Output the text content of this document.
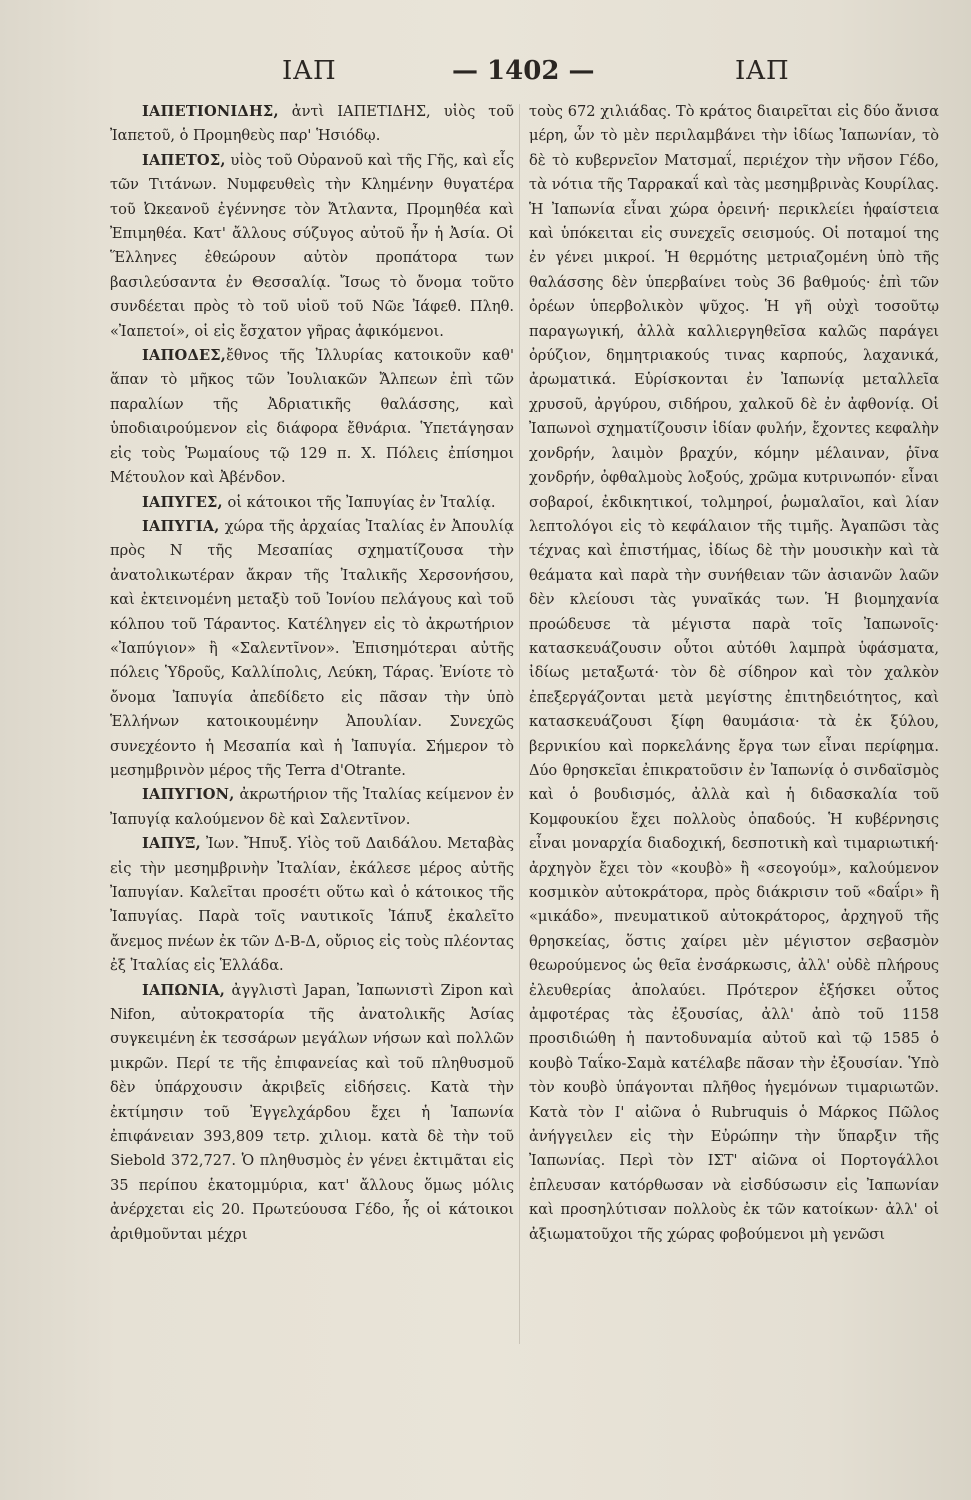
ΙΑΠ	— 1402 —	ΙΑΠ

ΙΑΠΕΤΙΟΝΙΔΗΣ, ἀντὶ ΙΑΠΕΤΙΔΗΣ, υἱὸς τοῦ Ἰαπετοῦ, ὁ Προμηθεὺς παρ' Ἡσιόδῳ.

ΙΑΠΕΤΟΣ, υἱὸς τοῦ Οὐρανοῦ καὶ τῆς Γῆς, καὶ εἷς τῶν Τιτάνων. Νυμφευθεὶς τὴν Κλημένην θυγατέρα τοῦ Ὠκεανοῦ ἐγέννησε τὸν Ἄτλαντα, Προμηθέα καὶ Ἐπιμηθέα. Κατ' ἄλλους σύζυγος αὐτοῦ ἦν ἡ Ἀσία. Οἱ Ἕλληνες ἐθεώρουν αὐτὸν προπάτορα των βασιλεύσαντα ἐν Θεσσαλίᾳ. Ἴσως τὸ ὄνομα τοῦτο συνδέεται πρὸς τὸ τοῦ υἱοῦ τοῦ Νῶε Ἰάφεθ. Πληθ. «Ἰαπετοί», οἱ εἰς ἔσχατον γῆρας ἀφικόμενοι.

ΙΑΠΟΔΕΣ,ἔθνος τῆς Ἰλλυρίας κατοικοῦν καθ' ἅπαν τὸ μῆκος τῶν Ἰουλιακῶν Ἄλπεων ἐπὶ τῶν παραλίων τῆς Ἀδριατικῆς θαλάσσης, καὶ ὑποδιαιρούμενον εἰς διάφορα ἔθνάρια. Ὑπετάγησαν εἰς τοὺς Ῥωμαίους τῷ 129 π. Χ. Πόλεις ἐπίσημοι Μέτουλον καὶ Ἀβένδον.

ΙΑΠΥΓΕΣ, οἱ κάτοικοι τῆς Ἰαπυγίας ἐν Ἰταλίᾳ.

ΙΑΠΥΓΙΑ, χώρα τῆς ἀρχαίας Ἰταλίας ἐν Ἀπουλίᾳ πρὸς Ν τῆς Μεσαπίας σχηματίζουσα τὴν ἀνατολικωτέραν ἄκραν τῆς Ἰταλικῆς Χερσονήσου, καὶ ἐκτεινομένη μεταξὺ τοῦ Ἰονίου πελάγους καὶ τοῦ κόλπου τοῦ Τάραντος. Κατέληγεν εἰς τὸ ἀκρωτήριον «Ἰαπύγιον» ἢ «Σαλεντῖνον». Ἐπισημότεραι αὐτῆς πόλεις Ὑδροῦς, Καλλίπολις, Λεύκη, Τάρας. Ἐνίοτε τὸ ὄνομα Ἰαπυγία ἀπεδίδετο εἰς πᾶσαν τὴν ὑπὸ Ἑλλήνων κατοικουμένην Ἀπουλίαν. Συνεχῶς συνεχέοντο ἡ Μεσαπία καὶ ἡ Ἰαπυγία. Σήμερον τὸ μεσημβρινὸν μέρος τῆς Terra d'Otrante.

ΙΑΠΥΓΙΟΝ, ἀκρωτήριον τῆς Ἰταλίας κείμενον ἐν Ἰαπυγίᾳ καλούμενον δὲ καὶ Σαλεντῖνον.

ΙΑΠΥΞ, Ἰων. Ἤπυξ. Υἱὸς τοῦ Δαιδάλου. Μεταβὰς εἰς τὴν μεσημβρινὴν Ἰταλίαν, ἐκάλεσε μέρος αὐτῆς Ἰαπυγίαν. Καλεῖται προσέτι οὕτω καὶ ὁ κάτοικος τῆς Ἰαπυγίας. Παρὰ τοῖς ναυτικοῖς Ἰάπυξ ἐκαλεῖτο ἄνεμος πνέων ἐκ τῶν Δ-Β-Δ, οὔριος εἰς τοὺς πλέοντας ἐξ Ἰταλίας εἰς Ἑλλάδα.

ΙΑΠΩΝΙΑ, ἀγγλιστὶ Japan, Ἰαπωνιστὶ Zipon καὶ Nifon, αὐτοκρατορία τῆς ἀνατολικῆς Ἀσίας συγκειμένη ἐκ τεσσάρων μεγάλων νήσων καὶ πολλῶν μικρῶν. Περί τε τῆς ἐπιφανείας καὶ τοῦ πληθυσμοῦ δὲν ὑπάρχουσιν ἀκριβεῖς εἰδήσεις. Κατὰ τὴν ἐκτίμησιν τοῦ Ἐγγελχάρδου ἔχει ἡ Ἰαπωνία ἐπιφάνειαν 393,809 τετρ. χιλιομ. κατὰ δὲ τὴν τοῦ Siebold 372,727. Ὁ πληθυσμὸς ἐν γένει ἐκτιμᾶται εἰς 35 περίπου ἑκατομμύρια, κατ' ἄλλους ὅμως μόλις ἀνέρχεται εἰς 20. Πρωτεύουσα Γέδο, ἧς οἱ κάτοικοι ἀριθμοῦνται μέχρι

τοὺς 672 χιλιάδας. Τὸ κράτος διαιρεῖται εἰς δύο ἄνισα μέρη, ὧν τὸ μὲν περιλαμβάνει τὴν ἰδίως Ἰαπωνίαν, τὸ δὲ τὸ κυβερνεῖον Ματσμαΐ, περιέχον τὴν νῆσον Γέδο, τὰ νότια τῆς Ταρρακαΐ καὶ τὰς μεσημβρινὰς Κουρίλας. Ἡ Ἰαπωνία εἶναι χώρα ὀρεινή· περικλείει ἡφαίστεια καὶ ὑπόκειται εἰς συνεχεῖς σεισμούς. Οἱ ποταμοί της ἐν γένει μικροί. Ἡ θερμότης μετριαζομένη ὑπὸ τῆς θαλάσσης δὲν ὑπερβαίνει τοὺς 36 βαθμούς· ἐπὶ τῶν ὀρέων ὑπερβολικὸν ψῦχος. Ἡ γῆ οὐχὶ τοσοῦτῳ παραγωγική, ἀλλὰ καλλιεργηθεῖσα καλῶς παράγει ὀρύζιον, δημητριακούς τινας καρπούς, λαχανικά, ἀρωματικά. Εὑρίσκονται ἐν Ἰαπωνίᾳ μεταλλεῖα χρυσοῦ, ἀργύρου, σιδήρου, χαλκοῦ δὲ ἐν ἀφθονίᾳ. Οἱ Ἰαπωνοὶ σχηματίζουσιν ἰδίαν φυλήν, ἔχοντες κεφαλὴν χονδρήν, λαιμὸν βραχύν, κόμην μέλαιναν, ῥῖνα χονδρήν, ὀφθαλμοὺς λοξούς, χρῶμα κυτρινωπόν· εἶναι σοβαροί, ἐκδικητικοί, τολμηροί, ῥωμαλαῖοι, καὶ λίαν λεπτολόγοι εἰς τὸ κεφάλαιον τῆς τιμῆς. Ἀγαπῶσι τὰς τέχνας καὶ ἐπιστήμας, ἰδίως δὲ τὴν μουσικὴν καὶ τὰ θεάματα καὶ παρὰ τὴν συνήθειαν τῶν ἀσιανῶν λαῶν δὲν κλείουσι τὰς γυναῖκάς των. Ἡ βιομηχανία προώδευσε τὰ μέγιστα παρὰ τοῖς Ἰαπωνοῖς· κατασκευάζουσιν οὗτοι αὐτόθι λαμπρὰ ὑφάσματα, ἰδίως μεταξωτά· τὸν δὲ σίδηρον καὶ τὸν χαλκὸν ἐπεξεργάζονται μετὰ μεγίστης ἐπιτηδειότητος, καὶ κατασκευάζουσι ξίφη θαυμάσια· τὰ ἐκ ξύλου, βερνικίου καὶ πορκελάνης ἔργα των εἶναι περίφημα. Δύο θρησκεῖαι ἐπικρατοῦσιν ἐν Ἰαπωνίᾳ ὁ σινδαϊσμὸς καὶ ὁ βουδισμός, ἀλλὰ καὶ ἡ διδασκαλία τοῦ Κομφουκίου ἔχει πολλοὺς ὀπαδούς. Ἡ κυβέρνησις εἶναι μοναρχία διαδοχική, δεσποτικὴ καὶ τιμαριωτική· ἀρχηγὸν ἔχει τὸν «κουβὸ» ἢ «σεογούμ», καλούμενον κοσμικὸν αὐτοκράτορα, πρὸς διάκρισιν τοῦ «δαΐρι» ἢ «μικάδο», πνευματικοῦ αὐτοκράτορος, ἀρχηγοῦ τῆς θρησκείας, ὅστις χαίρει μὲν μέγιστον σεβασμὸν θεωρούμενος ὡς θεῖα ἐνσάρκωσις, ἀλλ' οὐδὲ πλήρους ἐλευθερίας ἀπολαύει. Πρότερον ἐξήσκει οὗτος ἀμφοτέρας τὰς ἐξουσίας, ἀλλ' ἀπὸ τοῦ 1158 προσιδιώθη ἡ παντοδυναμία αὐτοῦ καὶ τῷ 1585 ὁ κουβὸ Ταΐκο-Σαμὰ κατέλαβε πᾶσαν τὴν ἐξουσίαν. Ὑπὸ τὸν κουβὸ ὑπάγονται πλῆθος ἡγεμόνων τιμαριωτῶν. Κατὰ τὸν Ι' αἰῶνα ὁ Rubruquis ὁ Μάρκος Πῶλος ἀνήγγειλεν εἰς τὴν Εὐρώπην τὴν ὕπαρξιν τῆς Ἰαπωνίας. Περὶ τὸν ΙΣΤ' αἰῶνα οἱ Πορτογάλλοι ἐπλευσαν κατόρθωσαν νὰ εἰσδύσωσιν εἰς Ἰαπωνίαν καὶ προσηλύτισαν πολλοὺς ἐκ τῶν κατοίκων· ἀλλ' οἱ ἀξιωματοῦχοι τῆς χώρας φοβούμενοι μὴ γενῶσι
